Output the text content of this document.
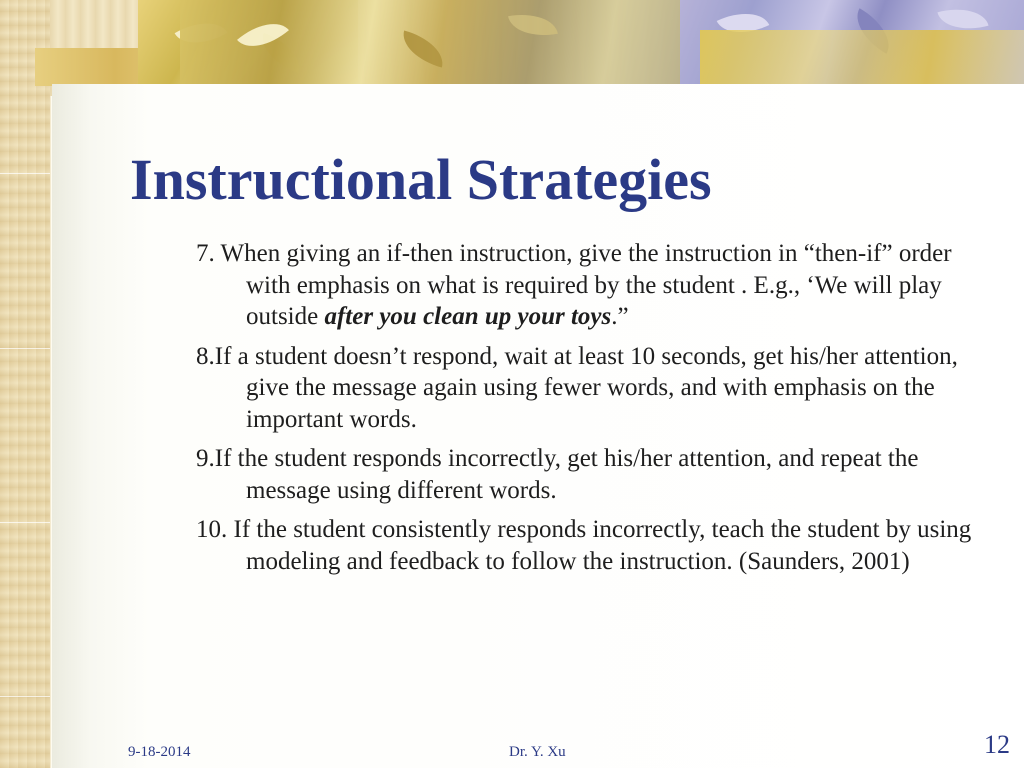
Instructional Strategies
7. When giving an if-then instruction, give the instruction in “then-if” order with emphasis on what is required by the student . E.g., ‘We will play outside after you clean up your toys.”
8.If a student doesn’t respond, wait at least 10 seconds, get his/her attention, give the message again using fewer words, and with emphasis on the important words.
9.If the student responds incorrectly, get his/her attention, and repeat the message using different words.
10. If the student consistently responds incorrectly, teach the student by using modeling and feedback to follow the instruction. (Saunders, 2001)
9-18-2014	Dr. Y. Xu	12
